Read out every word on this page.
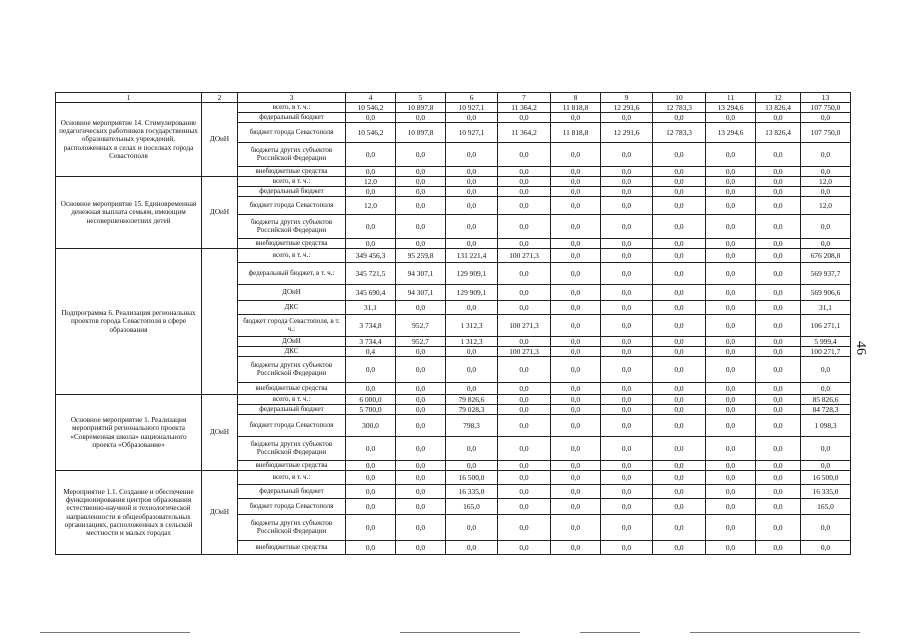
1	2	3	4	5	6	7	8	9	10	11	12	13
Основное мероприятие 14. Стимулирование педагогических работников государственных образовательных учреждений, расположенных в селах и поселках города Севастополя	ДОиН	всего, в т. ч.:	10 546,2	10 897,8	10 927,1	11 364,2	11 818,8	12 291,6	12 783,3	13 294,6	13 826,4	107 750,0
		федеральный бюджет	0,0	0,0	0,0	0,0	0,0	0,0	0,0	0,0	0,0	0,0
		бюджет города Севастополя	10 546,2	10 897,8	10 927,1	11 364,2	11 818,8	12 291,6	12 783,3	13 294,6	13 826,4	107 750,0
		бюджеты других субъектов Российской Федерации	0,0	0,0	0,0	0,0	0,0	0,0	0,0	0,0	0,0	0,0
		внебюджетные средства	0,0	0,0	0,0	0,0	0,0	0,0	0,0	0,0	0,0	0,0
Основное мероприятие 15. Единовременная денежная выплата семьям, имеющим несовершеннолетних детей	ДОиН	всего, в т. ч.:	12,0	0,0	0,0	0,0	0,0	0,0	0,0	0,0	0,0	12,0
		федеральный бюджет	0,0	0,0	0,0	0,0	0,0	0,0	0,0	0,0	0,0	0,0
		бюджет города Севастополя	12,0	0,0	0,0	0,0	0,0	0,0	0,0	0,0	0,0	12,0
		бюджеты других субъектов Российской Федерации	0,0	0,0	0,0	0,0	0,0	0,0	0,0	0,0	0,0	0,0
		внебюджетные средства	0,0	0,0	0,0	0,0	0,0	0,0	0,0	0,0	0,0	0,0
Подпрограмма 6. Реализация региональных проектов города Севастополя в сфере образования		всего, в т. ч.:	349 456,3	95 259,8	131 221,4	100 271,3	0,0	0,0	0,0	0,0	0,0	676 208,8
		федеральный бюджет, в т. ч.:	345 721,5	94 307,1	129 909,1	0,0	0,0	0,0	0,0	0,0	0,0	569 937,7
		ДОиН	345 690,4	94 307,1	129 909,1	0,0	0,0	0,0	0,0	0,0	0,0	569 906,6
		ДКС	31,1	0,0	0,0	0,0	0,0	0,0	0,0	0,0	0,0	31,1
		бюджет города Севастополя, в т. ч.:	3 734,8	952,7	1 312,3	100 271,3	0,0	0,0	0,0	0,0	0,0	106 271,1
		ДОиН	3 734,4	952,7	1 312,3	0,0	0,0	0,0	0,0	0,0	0,0	5 999,4
		ДКС	0,4	0,0	0,0	100 271,3	0,0	0,0	0,0	0,0	0,0	100 271,7
		бюджеты других субъектов Российской Федерации	0,0	0,0	0,0	0,0	0,0	0,0	0,0	0,0	0,0	0,0
		внебюджетные средства	0,0	0,0	0,0	0,0	0,0	0,0	0,0	0,0	0,0	0,0
Основное мероприятие 1. Реализация мероприятий регионального проекта «Современная школа» национального проекта «Образование»	ДОиН	всего, в т. ч.:	6 000,0	0,0	79 826,6	0,0	0,0	0,0	0,0	0,0	0,0	85 826,6
		федеральный бюджет	5 700,0	0,0	79 028,3	0,0	0,0	0,0	0,0	0,0	0,0	84 728,3
		бюджет города Севастополя	300,0	0,0	798,3	0,0	0,0	0,0	0,0	0,0	0,0	1 098,3
		бюджеты других субъектов Российской Федерации	0,0	0,0	0,0	0,0	0,0	0,0	0,0	0,0	0,0	0,0
		внебюджетные средства	0,0	0,0	0,0	0,0	0,0	0,0	0,0	0,0	0,0	0,0
Мероприятие 1.1. Создание и обеспечение функционирования центров образования естественно-научной и технологической направленности в общеобразовательных организациях, расположенных в сельской местности и малых городах	ДОиН	всего, в т. ч.:	0,0	0,0	16 500,0	0,0	0,0	0,0	0,0	0,0	0,0	16 500,0
		федеральный бюджет	0,0	0,0	16 335,0	0,0	0,0	0,0	0,0	0,0	0,0	16 335,0
		бюджет города Севастополя	0,0	0,0	165,0	0,0	0,0	0,0	0,0	0,0	0,0	165,0
		бюджеты других субъектов Российской Федерации	0,0	0,0	0,0	0,0	0,0	0,0	0,0	0,0	0,0	0,0
		внебюджетные средства	0,0	0,0	0,0	0,0	0,0	0,0	0,0	0,0	0,0	0,0
46
